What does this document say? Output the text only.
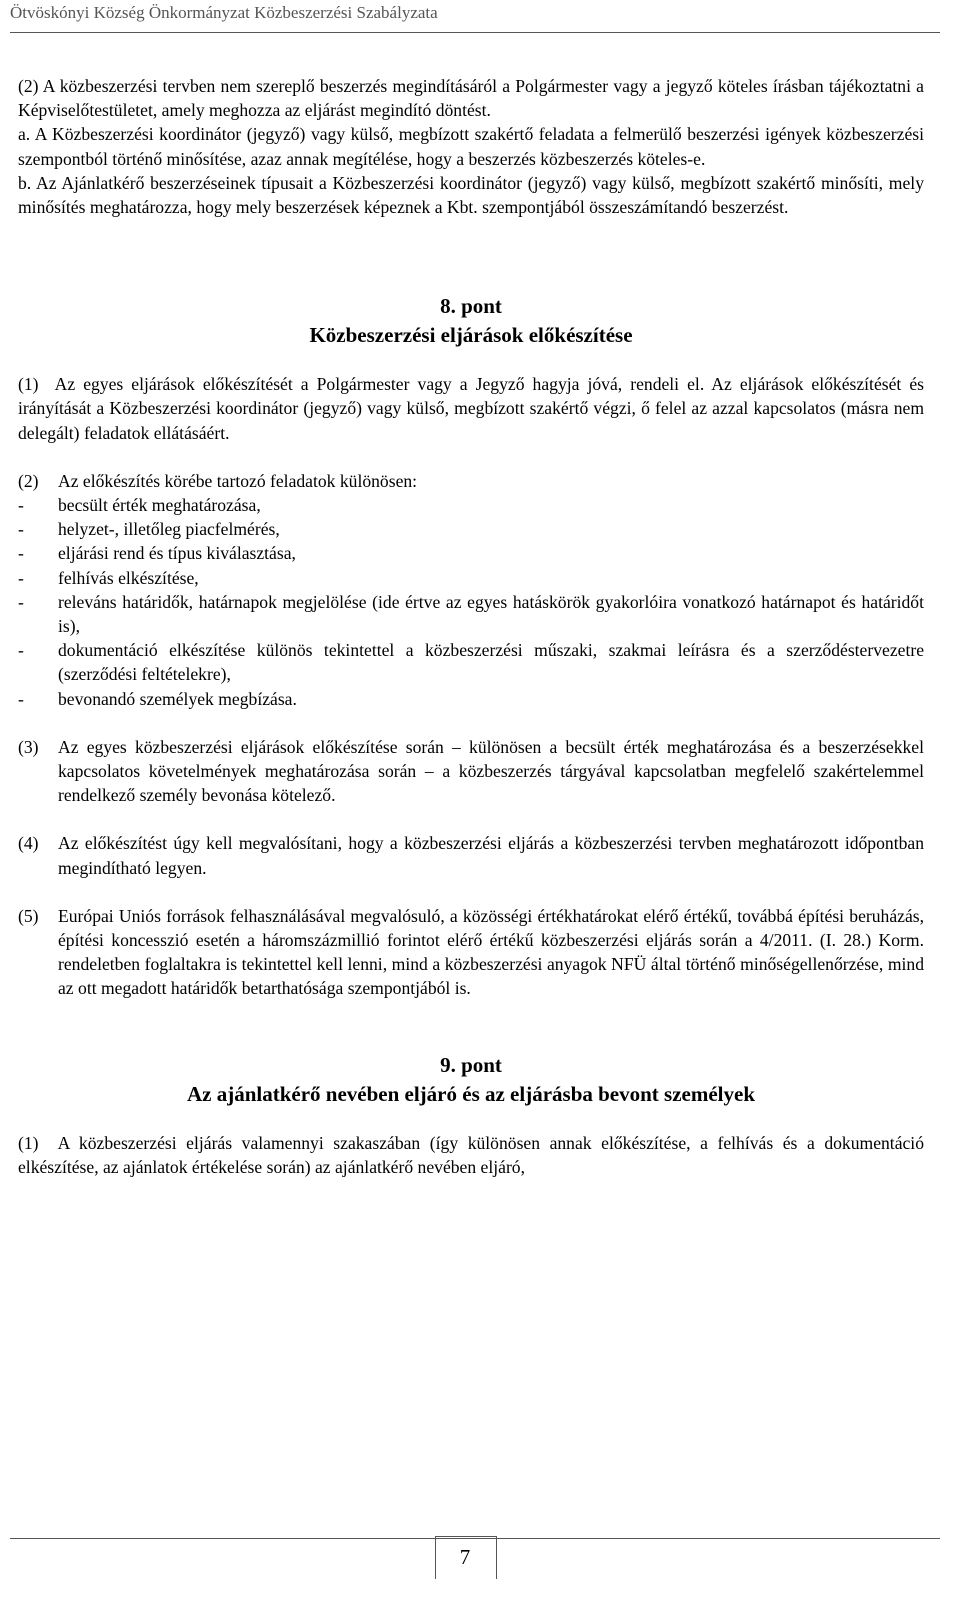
Ötvöskónyi Község Önkormányzat Közbeszerzési Szabályzata

(2) A közbeszerzési tervben nem szereplő beszerzés megindításáról a Polgármester vagy a jegyző köteles írásban tájékoztatni a Képviselőtestületet, amely meghozza az eljárást megindító döntést.

a. A Közbeszerzési koordinátor (jegyző) vagy külső, megbízott szakértő feladata a felmerülő beszerzési igények közbeszerzési szempontból történő minősítése, azaz annak megítélése, hogy a beszerzés közbeszerzés köteles-e.

b. Az Ajánlatkérő beszerzéseinek típusait a Közbeszerzési koordinátor (jegyző) vagy külső, megbízott szakértő minősíti, mely minősítés meghatározza, hogy mely beszerzések képeznek a Kbt. szempontjából összeszámítandó beszerzést.

8. pont
Közbeszerzési eljárások előkészítése

(1) Az egyes eljárások előkészítését a Polgármester vagy a Jegyző hagyja jóvá, rendeli el. Az eljárások előkészítését és irányítását a Közbeszerzési koordinátor (jegyző) vagy külső, megbízott szakértő végzi, ő felel az azzal kapcsolatos (másra nem delegált) feladatok ellátásáért.

(2)	Az előkészítés körébe tartozó feladatok különösen:
-	becsült érték meghatározása,
-	helyzet-, illetőleg piacfelmérés,
-	eljárási rend és típus kiválasztása,
-	felhívás elkészítése,
-	releváns határidők, határnapok megjelölése (ide értve az egyes hatáskörök gyakorlóira vonatkozó határnapot és határidőt is),
-	dokumentáció elkészítése különös tekintettel a közbeszerzési műszaki, szakmai leírásra és a szerződéstervezetre (szerződési feltételekre),
-	bevonandó személyek megbízása.
(3)	Az egyes közbeszerzési eljárások előkészítése során – különösen a becsült érték meghatározása és a beszerzésekkel kapcsolatos követelmények meghatározása során – a közbeszerzés tárgyával kapcsolatban megfelelő szakértelemmel rendelkező személy bevonása kötelező.
(4)	Az előkészítést úgy kell megvalósítani, hogy a közbeszerzési eljárás a közbeszerzési tervben meghatározott időpontban megindítható legyen.
(5)	Európai Uniós források felhasználásával megvalósuló, a közösségi értékhatárokat elérő értékű, továbbá építési beruházás, építési koncesszió esetén a háromszázmillió forintot elérő értékű közbeszerzési eljárás során a 4/2011. (I. 28.) Korm. rendeletben foglaltakra is tekintettel kell lenni, mind a közbeszerzési anyagok NFÜ által történő minőségellenőrzése, mind az ott megadott határidők betarthatósága szempontjából is.
9. pont
Az ajánlatkérő nevében eljáró és az eljárásba bevont személyek

(1) A közbeszerzési eljárás valamennyi szakaszában (így különösen annak előkészítése, a felhívás és a dokumentáció elkészítése, az ajánlatok értékelése során) az ajánlatkérő nevében eljáró,

7
